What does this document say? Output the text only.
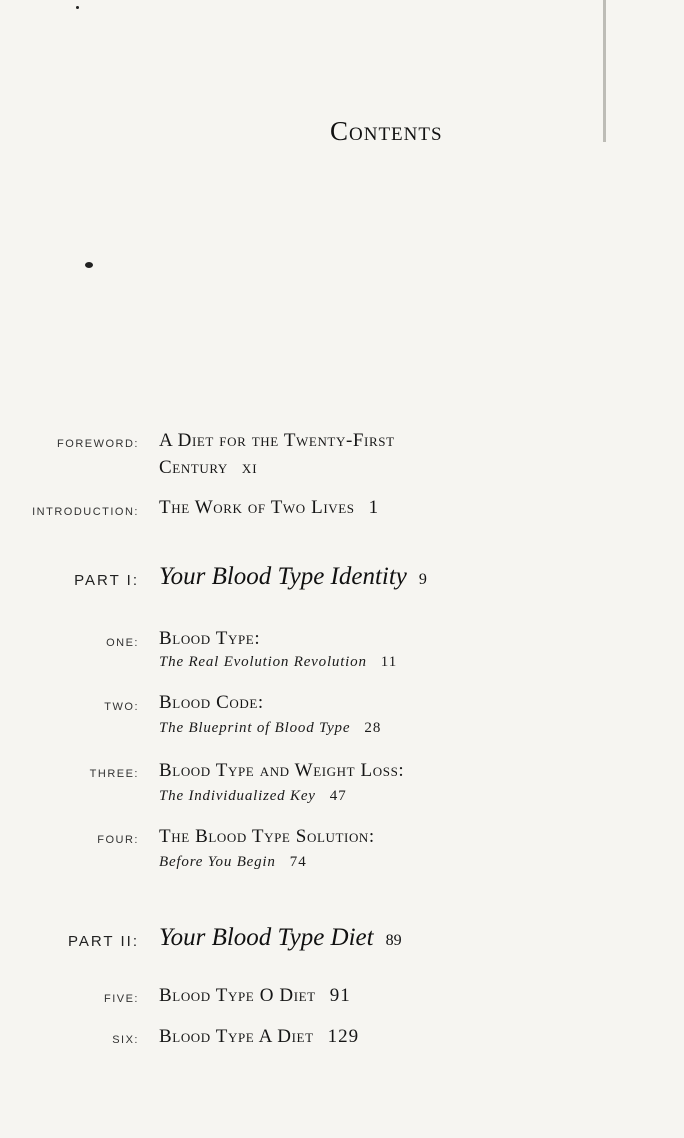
Contents
FOREWORD: A Diet for the Twenty-First
Century xi
INTRODUCTION: The Work of Two Lives 1
PART I: Your Blood Type Identity 9
ONE: Blood Type:
The Real Evolution Revolution 11
TWO: Blood Code:
The Blueprint of Blood Type 28
THREE: Blood Type and Weight Loss:
The Individualized Key 47
FOUR: The Blood Type Solution:
Before You Begin 74
PART II: Your Blood Type Diet 89
FIVE: Blood Type O Diet 91
SIX: Blood Type A Diet 129
